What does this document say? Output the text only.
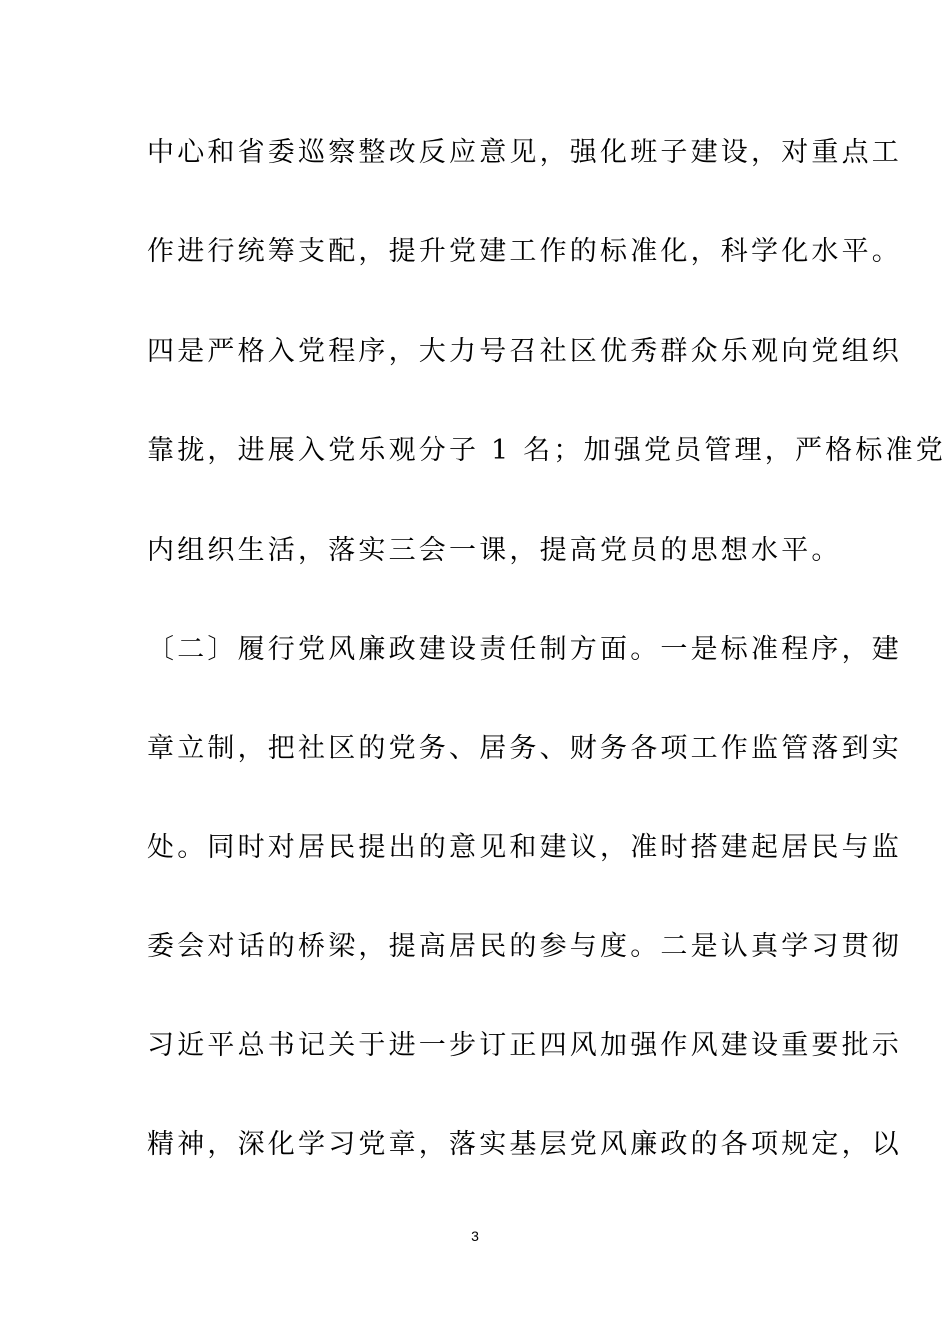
中心和省委巡察整改反应意见，强化班子建设，对重点工
作进行统筹支配，提升党建工作的标准化，科学化水平。
四是严格入党程序，大力号召社区优秀群众乐观向党组织
靠拢，进展入党乐观分子 1 名；加强党员管理，严格标准党
内组织生活，落实三会一课，提高党员的思想水平。
〔二〕履行党风廉政建设责任制方面。一是标准程序，建
章立制，把社区的党务、居务、财务各项工作监管落到实
处。同时对居民提出的意见和建议，准时搭建起居民与监
委会对话的桥梁，提高居民的参与度。二是认真学习贯彻
习近平总书记关于进一步订正四风加强作风建设重要批示
精神，深化学习党章，落实基层党风廉政的各项规定，以
3
